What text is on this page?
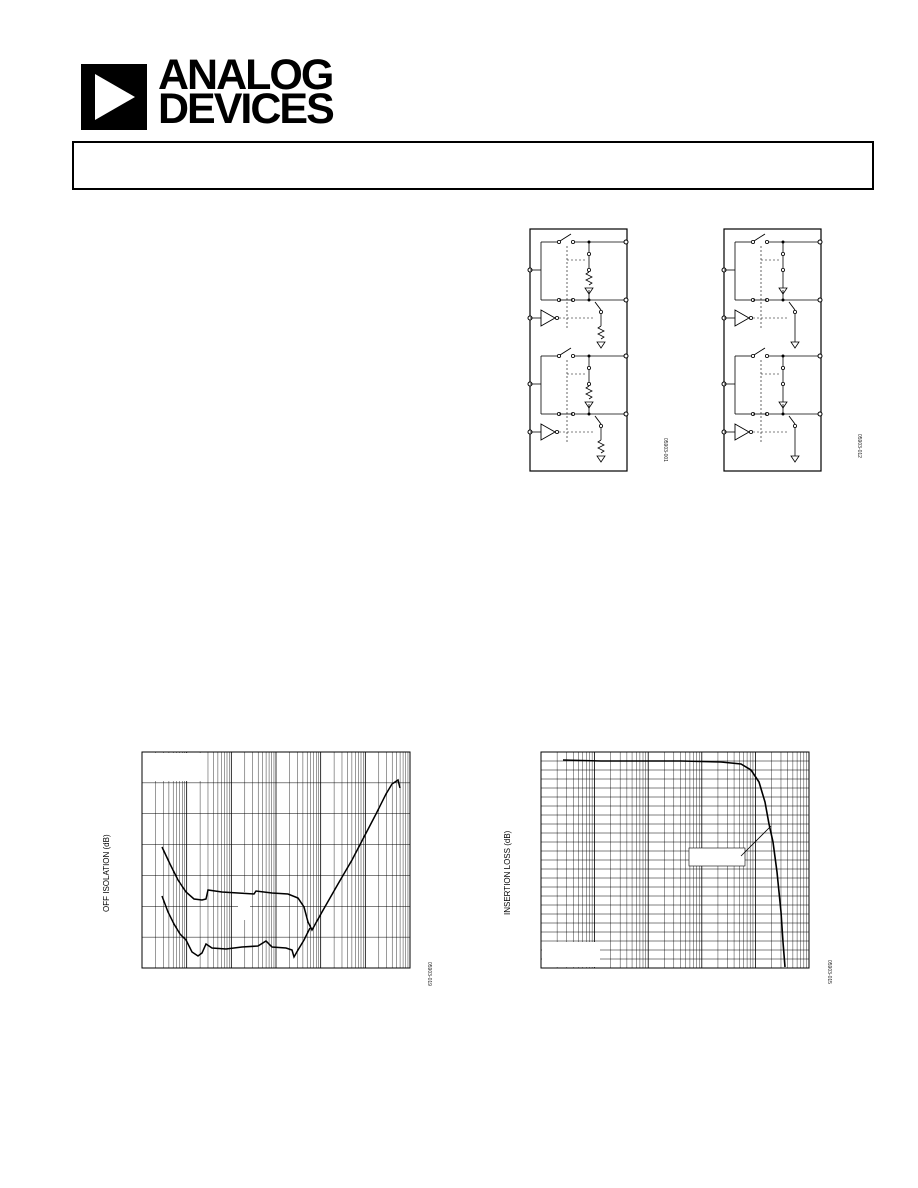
ANALOG
DEVICES
05903-001	05903-012
OFF ISOLATION (dB)
05903-019
INSERTION LOSS (dB)
05903-015
